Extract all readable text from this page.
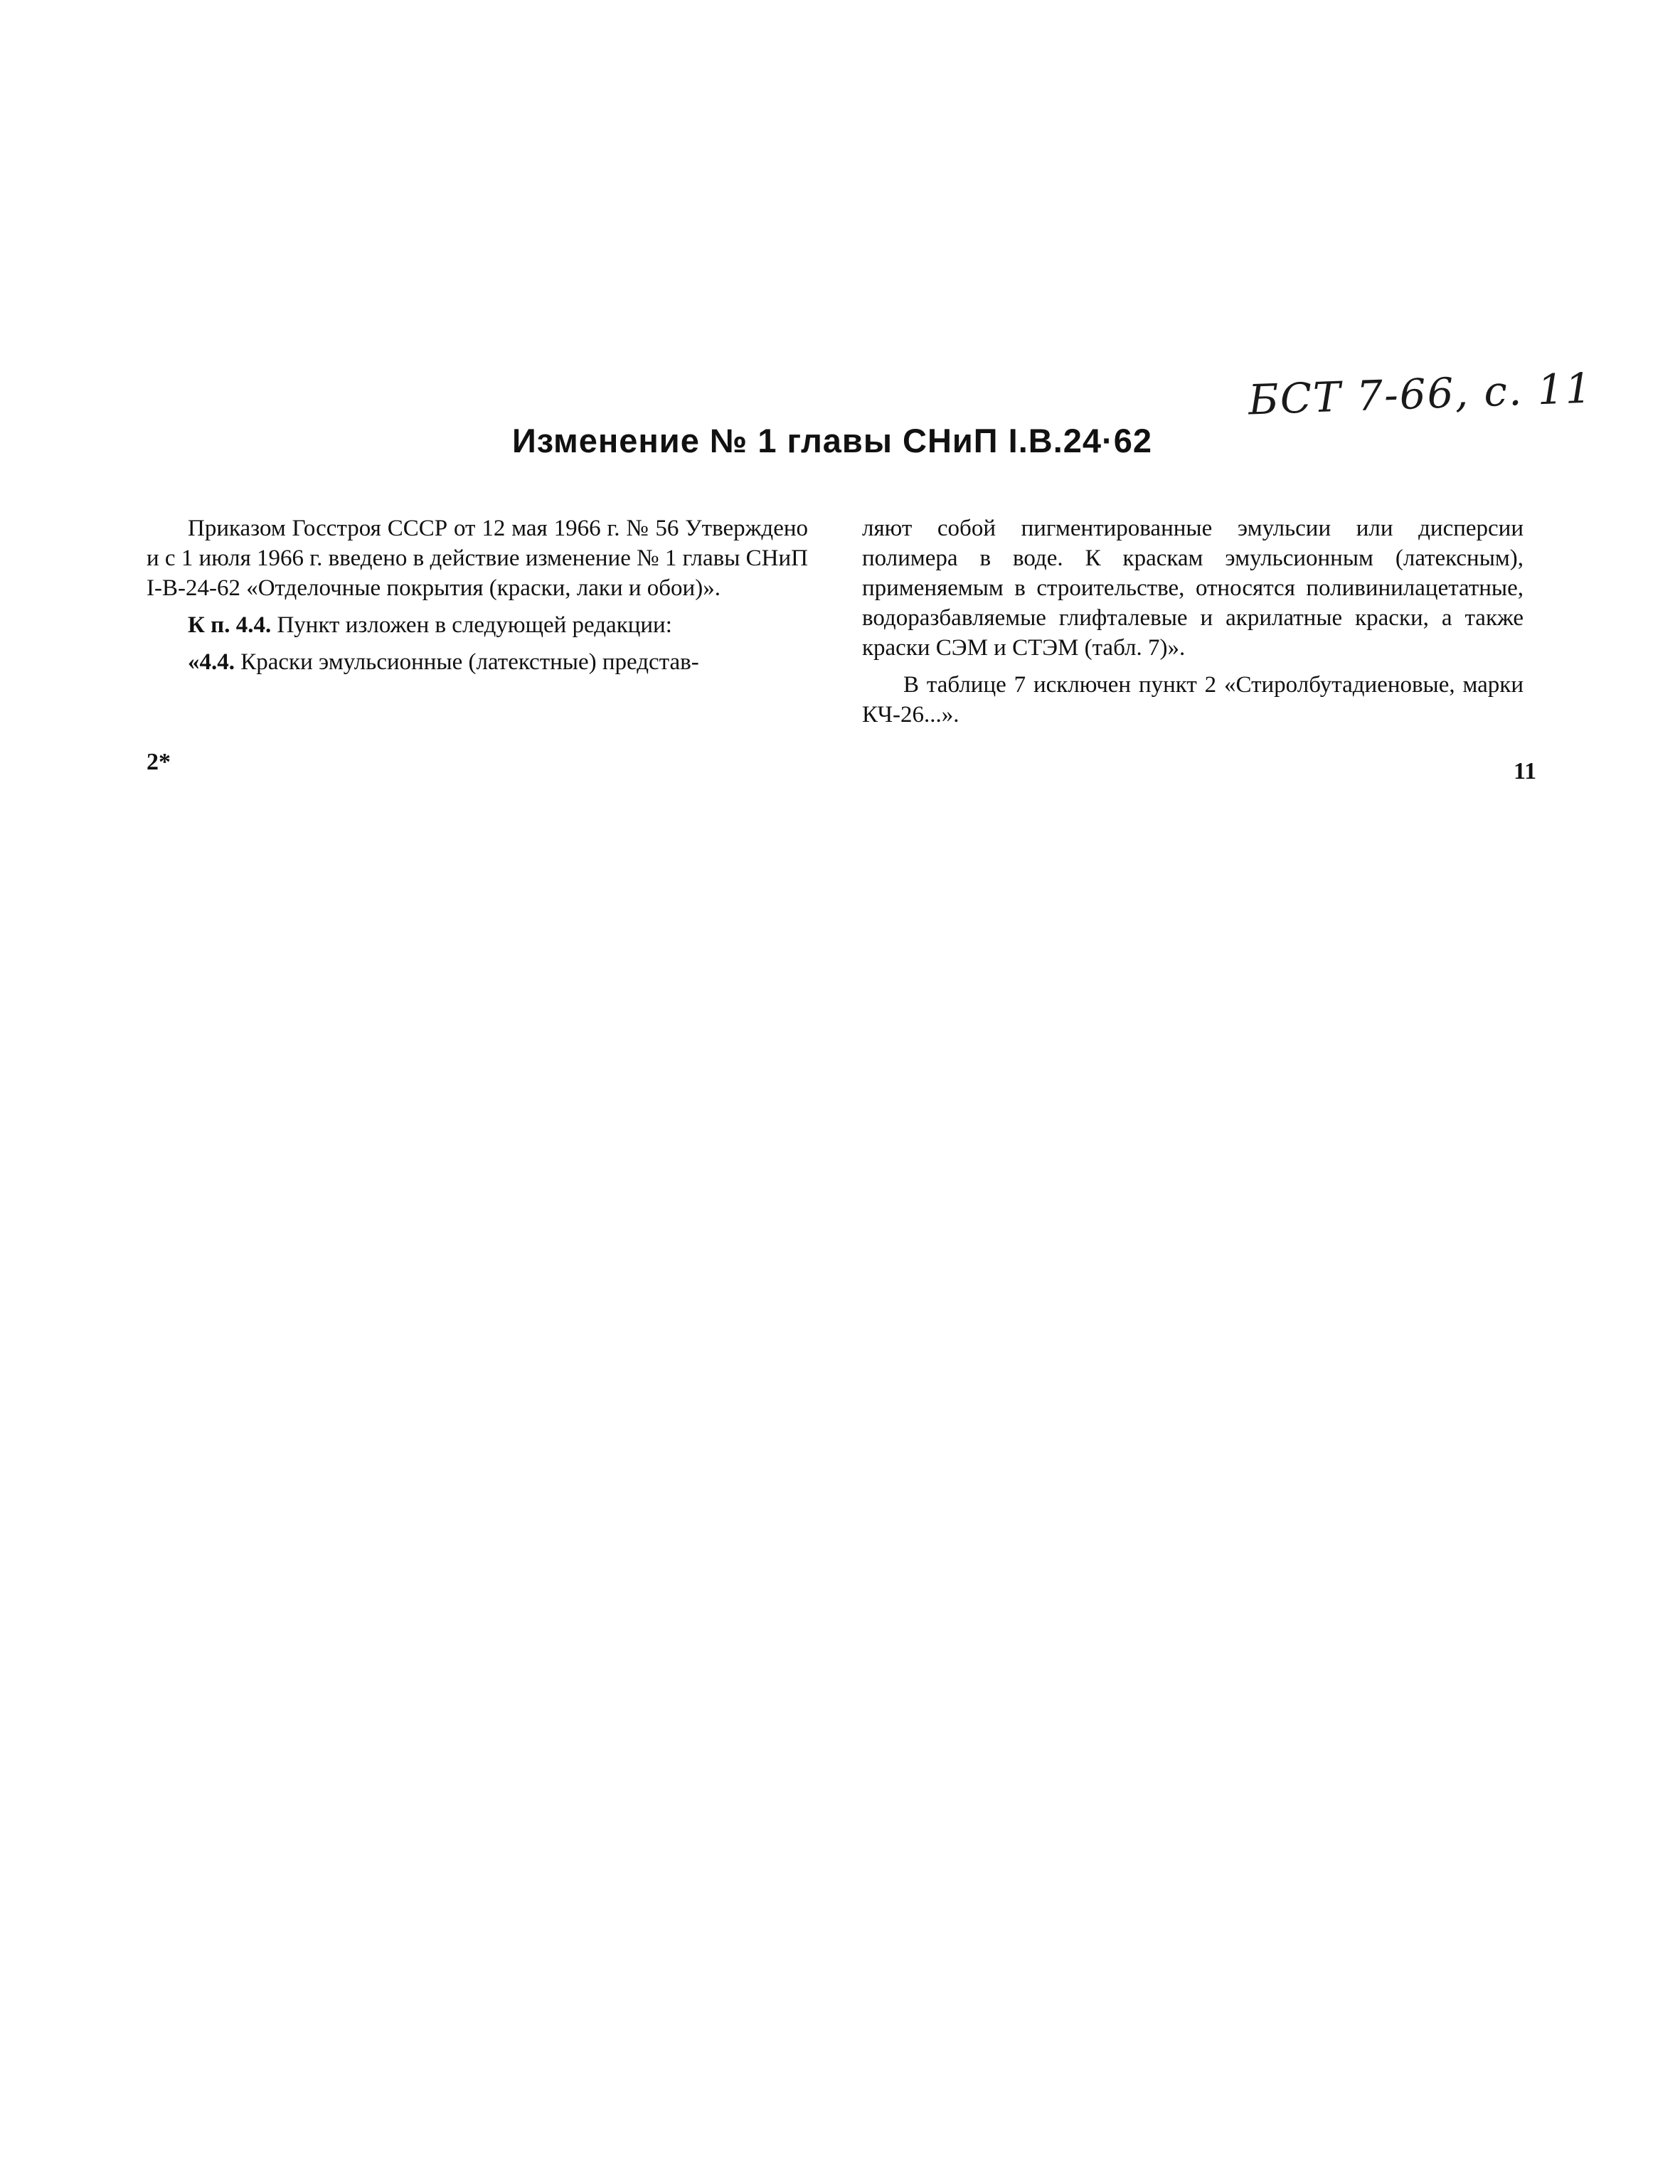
БСТ 7-66, с. 11
Изменение № 1 главы СНиП I.В.24·62

Приказом Госстроя СССР от 12 мая 1966 г. № 56 Утверждено и с 1 июля 1966 г. введено в действие изменение № 1 главы СНиП I-В-24-62 «Отделочные покрытия (краски, лаки и обои)».

К п. 4.4. Пункт изложен в следующей редакции:

«4.4. Краски эмульсионные (латекстные) представ-

ляют собой пигментированные эмульсии или дисперсии полимера в воде. К краскам эмульсионным (латексным), применяемым в строительстве, относятся поливинилацетатные, водоразбавляемые глифталевые и акрилатные краски, а также краски СЭМ и СТЭМ (табл. 7)».

В таблице 7 исключен пункт 2 «Стиролбутадиеновые, марки КЧ-26...».

2*	11
